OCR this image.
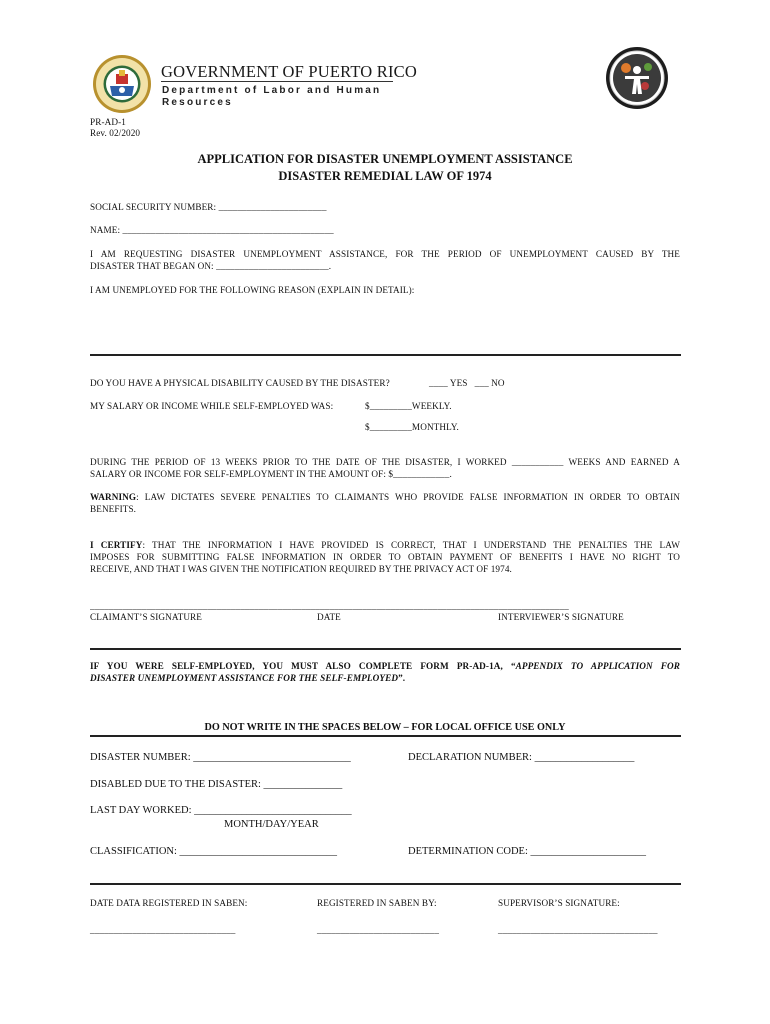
GOVERNMENT OF PUERTO RICO
Department of Labor and Human
Resources
PR-AD-1
Rev. 02/2020
APPLICATION FOR DISASTER UNEMPLOYMENT ASSISTANCE
DISASTER REMEDIAL LAW OF 1974
SOCIAL SECURITY NUMBER: _______________________
NAME: _____________________________________________
I AM REQUESTING DISASTER UNEMPLOYMENT ASSISTANCE, FOR THE PERIOD OF UNEMPLOYMENT CAUSED BY THE
DISASTER THAT BEGAN ON: ________________________.
I AM UNEMPLOYED FOR THE FOLLOWING REASON (EXPLAIN IN DETAIL):
DO YOU HAVE A PHYSICAL DISABILITY CAUSED BY THE DISASTER?	____ YES   ___ NO
MY SALARY OR INCOME WHILE SELF-EMPLOYED WAS:	$_________WEEKLY.
$_________MONTHLY.
DURING THE PERIOD OF 13 WEEKS PRIOR TO THE DATE OF THE DISASTER, I WORKED ___________ WEEKS AND EARNED A
SALARY OR INCOME FOR SELF-EMPLOYMENT IN THE AMOUNT OF: $____________.
WARNING: LAW DICTATES SEVERE PENALTIES TO CLAIMANTS WHO PROVIDE FALSE INFORMATION IN ORDER TO OBTAIN
BENEFITS.
I CERTIFY: THAT THE INFORMATION I HAVE PROVIDED IS CORRECT, THAT I UNDERSTAND THE PENALTIES THE LAW
IMPOSES FOR SUBMITTING FALSE INFORMATION IN ORDER TO OBTAIN PAYMENT OF BENEFITS I HAVE NO RIGHT TO
RECEIVE, AND THAT I WAS GIVEN THE NOTIFICATION REQUIRED BY THE PRIVACY ACT OF 1974.
______________________________________________________________________________________________________
CLAIMANT’S SIGNATURE	DATE	INTERVIEWER’S SIGNATURE
IF YOU WERE SELF-EMPLOYED, YOU MUST ALSO COMPLETE FORM PR-AD-1A, “APPENDIX TO APPLICATION FOR
DISASTER UNEMPLOYMENT ASSISTANCE FOR THE SELF-EMPLOYED”.
DO NOT WRITE IN THE SPACES BELOW – FOR LOCAL OFFICE USE ONLY
DISASTER NUMBER: ______________________________	DECLARATION NUMBER: ___________________
DISABLED DUE TO THE DISASTER: _______________
LAST DAY WORKED: ______________________________
MONTH/DAY/YEAR
CLASSIFICATION: ______________________________	DETERMINATION CODE: ______________________
DATE DATA REGISTERED IN SABEN:	REGISTERED IN SABEN BY:	SUPERVISOR’S SIGNATURE:
_______________________________	__________________________	__________________________________
